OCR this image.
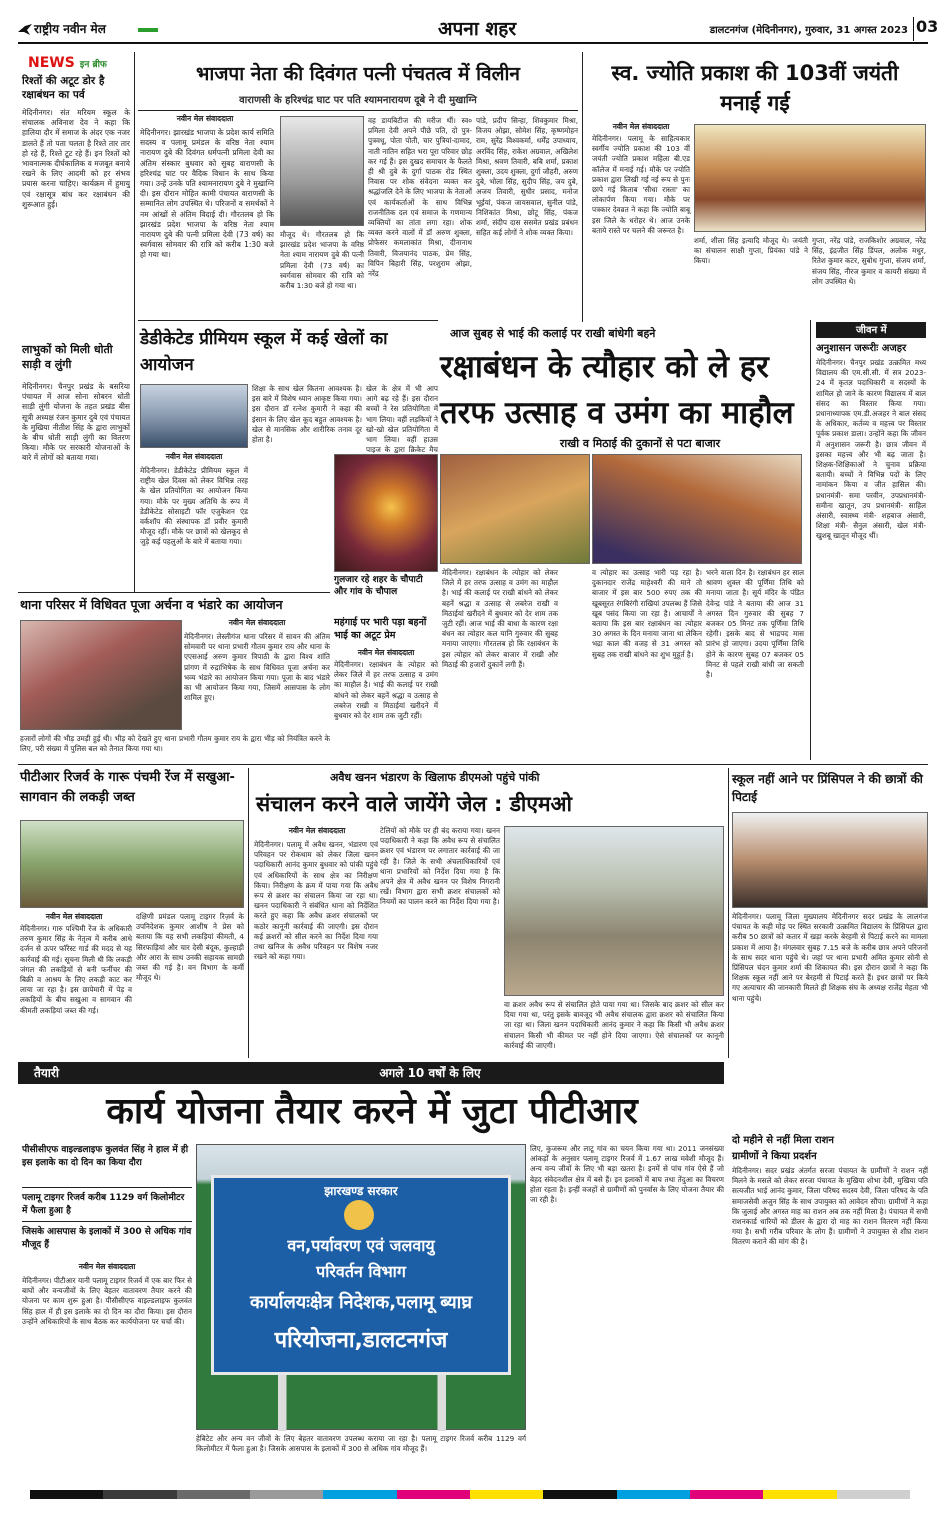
राष्ट्रीय नवीन मेल	अपना शहर	डालटनगंज (मेदिनीनगर), गुरुवार, 31 अगस्त 2023 03
NEWS इन ब्रीफ
रिश्तों की अटूट डोर है रक्षाबंधन का पर्व
मेदिनीनगर। संत मरियम स्कूल के संचालक अविनाश देव ने कहा कि हालिया दौर में समाज के अंदर एक नजर डालते हैं तो पता चलता है रिश्ते तार तार हो रहे हैं, रिश्ते टूट रहे हैं। इन रिश्तों को भावनात्मक दीर्घकालिक व मजबूत बनाये रखने के लिए आदमी को हर संभव प्रयास करना चाहिए। कार्यक्रम में हुमायु एवं रक्षासूत्र बांध कर रक्षाबंधन की शुरूआत हुई।
लाभुकों को मिली धोती साड़ी व लुंगी
मेदिनीनगर। चैनपुर प्रखंड के बसरिया पंचायत में आज सोना सोबरन धोती साड़ी लुंगी योजना के तहत प्रखंड बीस सूत्री अध्यक्ष रंजन कुमार दुबे एवं पंचायत के मुखिया नीतीश सिंह के द्वारा लाभुकों के बीच धोती साड़ी लुंगी का वितरण किया। मौके पर सरकारी योजनाओं के बारे में लोगों को बताया गया।
भाजपा नेता की दिवंगत पत्नी पंचतत्व में विलीन
वाराणसी के हरिश्चंद्र घाट पर पति श्यामनारायण दूबे ने दी मुखाग्नि
नवीन मेल संवाददाता
मेदिनीनगर। झारखंड भाजपा के प्रदेश कार्य समिति सदस्य व पलामू प्रमंडल के वरिष्ठ नेता श्याम नारायण दुबे की दिवंगत धर्मपत्नी प्रमिला देवी का अंतिम संस्कार बुधवार को सुबह वाराणसी के हरिश्चंद्र घाट पर वैदिक विधान के साथ किया गया। उन्हें उनके पति श्यामनारायण दुबे ने मुखाग्नि दी। इस दौरान मोहित कामी पंचायत वाराणसी के सम्मानित लोग उपस्थित थे। परिजनों व समर्थकों ने नम आंखों से अंतिम विदाई दी। गौरतलब हो कि झारखंड प्रदेश भाजपा के वरिष्ठ नेता श्याम नारायण दुबे की पत्नी प्रमिला देवी (73 वर्ष) का स्वर्गवास सोमवार की रात्रि को करीब 1:30 बजे हो गया था।
मौजूद थे। गौरतलब हो कि झारखंड प्रदेश भाजपा के वरिष्ठ नेता श्याम नारायण दुबे की पत्नी प्रमिला देवी (73 वर्ष) का स्वर्गवास सोमवार की रात्रि को करीब 1:30 बजे हो गया था।
वह डायबिटीज की मरीज थीं। स्व० प्रमिला देवी अपने पीछे पति, दो पुत्र- पुत्रवधू, पोता पोती, चार पुत्रियां-दामाद, नाती नातिन सहित भरा पूरा परिवार छोड़ कर गई हैं। इस दुखद समाचार के फैलते ही श्री दुबे के दुर्गा पाठक रोड स्थित निवास पर शोक संवेदना व्यक्त कर श्रद्धांजलि देने के लिए भाजपा के नेताओं एवं कार्यकर्ताओं के साथ विभिन्न राजनीतिक दल एवं समाज के गणमान्य व्यक्तियों का तांता लगा रहा। शोक व्यक्त करने वालों में डॉ अरुण शुक्ला, प्रोफेसर कमलाकांत मिश्रा, दीनानाथ तिवारी, विजयानंद पाठक, प्रेम सिंह, विपिन बिहारी सिंह, परशुराम ओझा, नरेंद्र
पांडे, प्रदीप सिन्हा, शिवकुमार मिश्रा, विजय ओझा, सोमेश सिंह, कृष्णमोहन राम, सुरेंद्र विश्वकर्मा, धर्मेंद्र उपाध्याय, अरविंद सिंह, राकेश अग्रवाल, अखिलेश मिश्रा, श्रवण तिवारी, बबि शर्मा, प्रकाश शुक्ला, उदय शुक्ला, दुर्गा जौहरी, अरुण दुबे, भोला सिंह, सुदीप सिंह, जय दुबे, अजय तिवारी, सुधीर प्रसाद, मनोज भूईयां, पंकज जायसवाल, सुनील पांडे, निशिकांत मिश्रा, छोटू सिंह, पंकज शर्मा, संदीप दास ससमेत प्रखंड प्रबंधन सहित कई लोगों ने शोक व्यक्त किया।
स्व. ज्योति प्रकाश की 103वीं जयंती मनाई गई
नवीन मेल संवाददाता
मेदिनीनगर। पलामू के साहित्यकार स्वर्गीय ज्योति प्रकाश की 103 वीं जयंती ज्योति प्रकाश महिला बी.एड कॉलेज में मनाई गई। मौके पर ज्योति प्रकाश द्वारा लिखी गई नई रूप से पुनः छापे गई किताब 'सीधा रास्ता' का लोकार्पण किया गया। मौके पर पत्रकार देवव्रत ने कहा कि ज्योति बाबू इस जिले के धरोहर थे। आज उनके बताये रास्ते पर चलने की जरूरत है।
शर्मा, शीला सिंह इत्यादि मौजूद थे। जयंती का संचालन साक्षी गुप्ता, प्रियंका पांडे ने किया।
गुप्ता, नरेंद्र पांडे, राजकिशोर अग्रवाल, नरेंद्र सिंह, इंद्रजीत सिंह डिंपल, अलोक मधुर, रितेश कुमार कटर, सुबोध गुप्ता, संजय शर्मा, संजय सिंह, नीरज कुमार व कायरी संख्या में लोग उपस्थित थे।
डेडीकेटेड प्रीमियम स्कूल में कई खेलों का आयोजन
नवीन मेल संवाददाता
मेदिनीनगर। डेडीकेटेड प्रीमियम स्कूल में राष्ट्रीय खेल दिवस को लेकर विभिन्न तरह के खेल प्रतियोगिता का आयोजन किया गया। मौके पर मुख्य अतिथि के रूप में डेडीकेटेड सोसाइटी फॉर एजुकेशन एंड वर्कशॉप की संस्थापक डॉ प्रवीर कुमारी मौजूद रहीं। मौके पर छात्रों को खेलकूद से जुड़े कई पहलुओं के बारे में बताया गया।
शिक्षा के साथ खेल कितना आवश्यक है। इस बारे में विशेष ध्यान आकृष्ट किया गया। इस दौरान डॉ रत्नेश कुमारी ने कहा की इंसान के लिए खेल कूद बहुत आवश्यक है। खेल से मानसिक और शारीरिक तनाव दूर होता है।
खेल के क्षेत्र में भी आप आगे बढ़ रहे हैं। इस दौरान बच्चों ने रेस प्रतियोगिता में भाग लिया। वहीं लड़कियों ने खो-खो खेल प्रतियोगिता में भाग लिया। वहीं हाउस पाइज के द्वारा क्रिकेट मैच
आज सुबह से भाई की कलाई पर राखी बांधेगी बहने
रक्षाबंधन के त्यौहार को ले हर
तरफ उत्साह व उमंग का माहौल
राखी व मिठाई की दुकानों से पटा बाजार
गुलजार रहे शहर के चौपाटी और गांव के चौपाल
महंगाई पर भारी पड़ा बहनों भाई का अटूट प्रेम
नवीन मेल संवाददाता
मेदिनीनगर। रक्षाबंधन के त्योहार को लेकर जिले में हर तरफ उत्साह व उमंग का माहौल है। भाई की कलाई पर राखी बांधने को लेकर बहनें श्रद्धा व उत्साह से लबरेज राखी व मिठाईयां खरीदने में बुधवार को देर शाम तक जुटी रहीं।
मेदिनीनगर। रक्षाबंधन के त्योहार को लेकर जिले में हर तरफ उत्साह व उमंग का माहौल है। भाई की कलाई पर राखी बांधने को लेकर बहनें श्रद्धा व उत्साह से लबरेज राखी व मिठाईयां खरीदने में बुधवार को देर शाम तक जुटी रहीं। आज भाई की बाधा के कारण रक्षा बंधन का त्योहार कल यानि गुरुवार की सुबह मनाया जाएगा। गौरतलब हो कि रक्षाबंधन के इस त्योहार को लेकर बाजार में राखी और मिठाई की हजारों दुकानें लगी हैं।
व त्योहार का उत्साह भारी पड़ रहा है। दुकानदार राजेंद्र माहेश्वरी की माने तो बाजार में इस बार 500 रुपए तक की खूबसूरत रंगबिरंगी राखियां उपलब्ध हैं जिसे खूब पसंद किया जा रहा है। आचार्यों ने बताया कि इस बार रक्षाबंधन का त्योहार 30 अगस्त के दिन मनाया जाना था लेकिन भद्रा काल की वजह से 31 अगस्त को सुबह तक राखी बांधने का शुभ मुहूर्त है।
भरने वाला दिन है। रक्षाबंधन हर साल श्रावण शुक्ल की पूर्णिमा तिथि को मनाया जाता है। सूर्य मंदिर के पंडित देवेन्द्र पांडे ने बताया की आज 31 अगस्त दिन गुरुवार की सुबह 7 बजकर 05 मिनट तक पूर्णिमा तिथि रहेगी। इसके बाद से भाद्रपद मास प्रारंभ हो जाएगा। उदया पूर्णिमा तिथि होने के कारण सुबह 07 बजकर 05 मिनट से पहले राखी बांधी जा सकती है।
जीवन में
अनुशासन जरूरीः अजहर
मेदिनीनगर। चैनपुर प्रखंड उत्क्रमित मध्य विद्यालय की एम.सी.सी. में सत्र 2023-24 में कृतज्ञ पदाधिकारी व सदस्यों के शामिल हो जाने के कारण विद्यालय में बाल संसद का विस्तार किया गया। प्रधानाध्यापक एम.डी.अजहर ने बाल संसद के अधिकार, कर्तव्य व महत्त्व पर विस्तार पूर्वक प्रकाश डाला। उन्होंने कहा कि जीवन में अनुशासन जरूरी है। छात्र जीवन में इसका महत्त्व और भी बढ़ जाता है। शिक्षक-शिक्षिकाओं ने चुनाव प्रक्रिया बतायी। बच्चों ने विभिन्न पदों के लिए नामांकन किया व जीत हासिल की। प्रधानमंत्री- समा परवीन, उपप्रधानमंत्री- समीना खातून, उप प्रधानमंत्री- साहिल अंसारी, स्वास्थ्य मंत्री- शहबाज अंसारी, शिक्षा मंत्री- सैनुल अंसारी, खेल मंत्री- खुशबू खातून मौजूद थीं।
थाना परिसर में विधिवत पूजा अर्चना व भंडारे का आयोजन
नवीन मेल संवाददाता
मेदिनीनगर। लेस्लीगंज थाना परिसर में सावन की अंतिम सोमवारी पर थाना प्रभारी गौतम कुमार राय और थाना के एएसआई अरुण कुमार त्रिपाठी के द्वारा विश्व शांति प्रांगण में रुद्राभिषेक के साथ विधिवत पूजा अर्चना कर भव्य भंडारे का आयोजन किया गया। पूजा के बाद भंडारे का भी आयोजन किया गया, जिसमें आसपास के लोग शामिल हुए।
हजारों लोगों की भीड़ उमड़ी हुई थी। भीड़ को देखते हुए थाना प्रभारी गौतम कुमार राय के द्वारा भीड़ को नियंत्रित करने के लिए, परी संख्या में पुलिस बल को तैनात किया गया था।
पीटीआर रिजर्व के गारू पंचमी रेंज में सखुआ-सागवान की लकड़ी जब्त
नवीन मेल संवाददाता
मेदिनीनगर। गारु पश्चिमी रेंज के अधिकारी तरुण कुमार सिंह के नेतृत्व में करीब आधे दर्जन से ऊपर फॉरेस्ट गार्ड की मदद से यह कार्रवाई की गई। सूचना मिली थी कि लकड़ी जंगल की लकड़ियों से बनी फर्नीचर की बिक्री व आश्रय के लिए लकड़ी काट कर लाया जा रहा है। इस छापेमारी में पेड़ व लकड़ियों के बीच सखुआ व सागवान की कीमती लकड़ियां जब्त की गई।
दक्षिणी प्रमंडल पलामू टाइगर रिज़र्व के उपनिदेशक कुमार आशीष ने प्रेस को बताया कि यह सभी लकड़ियां कीमती, 4 सिरफाड़ियां और चार देसी बंदूक, कुल्हाड़ी और आरा के साथ उनकी सहायक सामग्री जब्त की गई है। वन विभाग के कर्मी मौजूद थे।
अवैध खनन भंडारण के खिलाफ डीएमओ पहुंचे पांकी
संचालन करने वाले जायेंगे जेल : डीएमओ
नवीन मेल संवाददाता
मेदिनीनगर। पलामू में अवैध खनन, भंडारण एवं परिवहन पर रोकथाम को लेकर जिला खनन पदाधिकारी आनंद कुमार बुधवार को पांकी पहुंचे एवं अधिकारियों के साथ क्षेत्र का निरीक्षण किया। निरीक्षण के क्रम में पाया गया कि अवैध रूप से क्रशर का संचालन किया जा रहा था। खनन पदाधिकारी ने संबंधित थाना को निर्देशित करते हुए कहा कि अवैध क्रशर संचालकों पर कठोर कानूनी कार्रवाई की जाएगी। इस दौरान कई क्रशरों को सील करने का निर्देश दिया गया तथा खनिज के अवैध परिवहन पर विशेष नजर रखने को कहा गया।
टेलियों को मौके पर ही बंद कराया गया। खनन पदाधिकारी ने कहा कि अवैध रूप से संचालित क्रशर एवं भंडारण पर लगातार कार्रवाई की जा रही है। जिले के सभी अंचलाधिकारियों एवं थाना प्रभारियों को निर्देश दिया गया है कि अपने क्षेत्र में अवैध खनन पर विशेष निगरानी रखें। विभाग द्वारा सभी क्रशर संचालकों को नियमों का पालन करने का निर्देश दिया गया है।
वा क्रशर अवैध रूप से संचालित होते पाया गया था। जिसके बाद क्रशर को सील कर दिया गया था, परंतु इसके बावजूद भी अवैध संचालक द्वारा क्रशर को संचालित किया जा रहा था। जिला खनन पदाधिकारी आनंद कुमार ने कहा कि किसी भी अवैध क्रशर संचालन किसी भी कीमत पर नहीं होने दिया जाएगा। ऐसे संचालकों पर कानूनी कार्रवाई की जाएगी।
स्कूल नहीं आने पर प्रिंसिपल ने की छात्रों की पिटाई
मेदिनीनगर। पलामू जिला मुख्यालय मेदिनीनगर सदर प्रखंड के लालगंज पंचायत के कही मोड़ पर स्थित सरकारी उत्क्रमित विद्यालय के प्रिंसिपल द्वारा करीब 50 छात्रों को कतार में खड़ा करके बेरहमी से पिटाई करने का मामला प्रकाश में आया है। मंगलवार सुबह 7.15 बजे के करीब छात्र अपने परिजनों के साथ सदर थाना पहुंचे थे। जहां पर थाना प्रभारी अमित कुमार सोनी से प्रिंसिपल चंदन कुमार शर्मा की शिकायत की। इस दौरान छात्रों ने कहा कि शिक्षक स्कूल नहीं आने पर बेरहमी से पिटाई करते हैं। इधर छात्रों पर किये गए अत्याचार की जानकारी मिलते ही शिक्षक संघ के अध्यक्ष राजेंद्र मेहता भी थाना पहुंचे।
दो महीने से नहीं मिला राशन
ग्रामीणों ने किया प्रदर्शन
मेदिनीनगर। सदर प्रखंड अंतर्गत सरजा पंचायत के ग्रामीणों ने राशन नहीं मिलने के मसले को लेकर सरजा पंचायत के मुखिया शोभा देवी, मुखिया पति सत्यजीत भाई आनंद कुमार, जिला परिषद सदस्य देवी, जिला परिषद के पति समाजसेवी अजुन सिंह के साथ उपायुक्त को आवेदन सौंपा। ग्रामीणों ने कहा कि जुलाई और अगस्त माह का राशन अब तक नहीं मिला है। पंचायत में सभी राशनकार्ड धारियों को डीलर के द्वारा दो माह का राशन वितरण नहीं किया गया है। सभी गरीब परिवार के लोग हैं। ग्रामीणों ने उपायुक्त से शीघ्र राशन वितरण कराने की मांग की है।
तैयारी	अगले 10 वर्षों के लिए
कार्य योजना तैयार करने में जुटा पीटीआर
पीसीसीएफ वाइल्डलाइफ कुलवंत सिंह ने हाल में ही इस इलाके का दो दिन का किया दौरा
पलामू टाइगर रिजर्व करीब 1129 वर्ग किलोमीटर में फैला हुआ है
जिसके आसपास के इलाकों में 300 से अधिक गांव मौजूद हैं
नवीन मेल संवाददाता
मेदिनीनगर। पीटीआर यानी पलामू टाइगर रिजर्व में एक बार फिर से बाघों और वन्यजीवों के लिए बेहतर वातावरण तैयार करने की योजना पर काम शुरू हुआ है। पीसीसीएफ वाइल्डलाइफ कुलवंत सिंह हाल में ही इस इलाके का दो दिन का दौरा किया। इस दौरान उन्होंने अधिकारियों के साथ बैठक कर कार्ययोजना पर चर्चा की।
झारखण्ड सरकार
वन,पर्यावरण एवं जलवायु
परिवर्तन विभाग
कार्यालयःक्षेत्र निदेशक,पलामू ब्याघ्र
परियोजना,डालटनगंज
हेबिटेट और अन्य वन जीवों के लिए बेहतर वातावरण उपलब्ध कराया जा रहा है। पलामू टाइगर रिजर्व करीब 1129 वर्ग किलोमीटर में फैला हुआ है। जिसके आसपास के इलाकों में 300 से अधिक गांव मौजूद हैं।
लिए, कुजरूम और लाटू गांव का चयन किया गया था। 2011 जनसंख्या आंकड़ों के अनुसार पलामू टाइगर रिजर्व में 1.67 लाख मवेशी मौजूद हैं। अन्य वन्य जीवों के लिए भी बड़ा खतरा है। इनमें से पांच गांव ऐसे हैं जो बेहद संवेदनशील क्षेत्र में बसे हैं। इन इलाकों में बाघ तथा तेंदुआ का विचरण होता रहता है। इन्हीं वजहों से ग्रामीणों को पुनर्वास के लिए योजना तैयार की जा रही है।
